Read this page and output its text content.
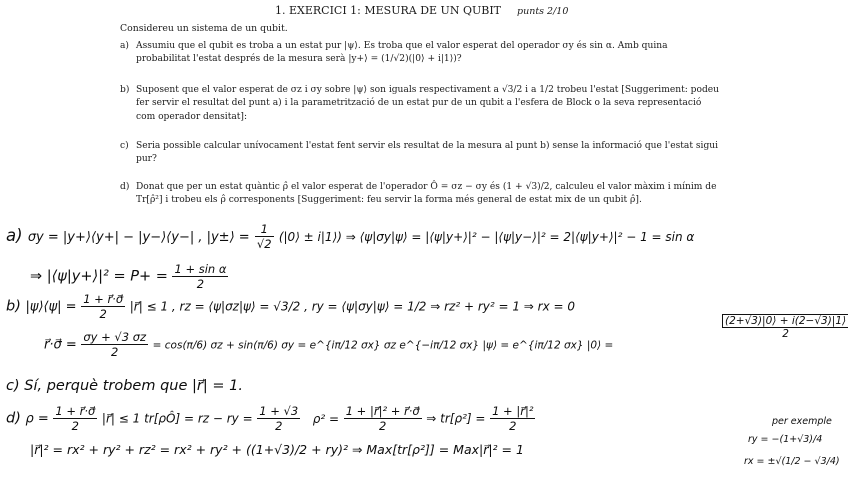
1. EXERCICI 1: MESURA DE UN QUBIT punts 2/10
Considereu un sistema de un qubit.
a) Assumiu que el qubit es troba a un estat pur |ψ⟩. Es troba que el valor esperat del operador σy és sin α. Amb quina probabilitat l'estat després de la mesura serà |y+⟩ = (1/√2)(|0⟩ + i|1⟩)?
b) Suposent que el valor esperat de σz i σy sobre |ψ⟩ son iguals respectivament a √3/2 i a 1/2 trobeu l'estat [Suggeriment: podeu fer servir el resultat del punt a) i la parametrització de un estat pur de un qubit a l'esfera de Block o la seva representació com operador densitat]:
c) Seria possible calcular unívocament l'estat fent servir els resultat de la mesura al punt b) sense la informació que l'estat sigui pur?
d) Donat que per un estat quàntic ρ̂ el valor esperat de l'operador Ô = σz − σy és (1 + √3)/2, calculeu el valor màxim i mínim de Tr[ρ̂²] i trobeu els ρ̂ corresponents [Suggeriment: feu servir la forma més general de estat mix de un qubit ρ̂].
a) σy = |y+⟩⟨y+| − |y−⟩⟨y−| , |y±⟩ = $\frac{1}{√2}$ (|0⟩ ± i|1⟩) ⇒ ⟨ψ|σy|ψ⟩ = |⟨ψ|y+⟩|² − |⟨ψ|y−⟩|² = 2|⟨ψ|y+⟩|² − 1 = sin α
⇒ |⟨ψ|y+⟩|² = $P+ = \frac{\text{1 + sin α}}{2}$
b) |ψ⟩⟨ψ| = $\frac{1 + r⃗\cdot\sigma⃗}{2}$ |r⃗| ≤ 1 , rz = ⟨ψ|σz|ψ⟩ = √3/2 , ry = ⟨ψ|σy|ψ⟩ = 1/2 ⇒ rz² + ry² = 1 ⇒ rx = 0
r⃗·σ⃗ = $\frac{\sigma y + √3 \sigma z}{2} = \cos(\pi/6) \sigma z + \sin(\pi/6) \sigma y$ = e^{iπ/12 σx} σz e^{−iπ/12 σx} |ψ⟩ = e^{iπ/12 σx} |0⟩ =
$\frac{(2+√3)|0⟩ + i(2-√3)|1⟩}{2}$
c) Sí, perquè trobem que |r⃗| = 1.
d) $\rho = \frac{1 + r⃗\cdot\sigma⃗}{2}$ |r⃗| ≤ 1 tr[ρÔ] = rz − ry = $\frac{1 + √3}{2} \rho^2 = \frac{\text{1 + |r⃗|² + r⃗·σ⃗}}{2}$ ⇒ $tr[\rho^2] = \frac{\text{1 + |r⃗|²}}{2}$	per exemple
|r⃗|² = rx² + ry² + rz² = rx² + ry² + ((1+√3)/2 + ry)² ⇒ Max[tr[ρ²]] = Max|r⃗|² = 1
ry = −(1+√3)/4
rx = ±√(1/2 − √3/4)
